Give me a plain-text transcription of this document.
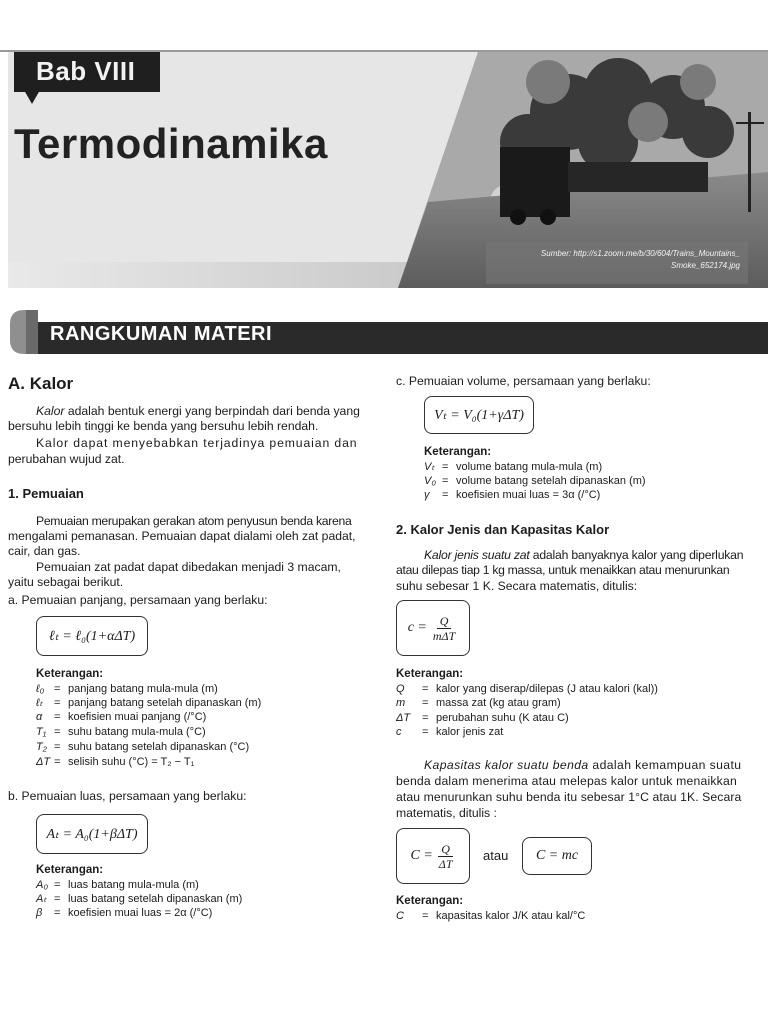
Bab VIII
Termodinamika
Sumber: http://s1.zoom.me/b/30/604/Trains_Mountains_
Smoke_652174.jpg
RANGKUMAN MATERI
A. Kalor
Kalor adalah bentuk energi yang berpindah dari benda yang
bersuhu lebih tinggi ke benda yang bersuhu lebih rendah.
Kalor dapat menyebabkan terjadinya pemuaian dan
perubahan wujud zat.
1. Pemuaian
Pemuaian merupakan gerakan atom penyusun benda karena
mengalami pemanasan. Pemuaian dapat dialami oleh zat padat,
cair, dan gas.
Pemuaian zat padat dapat dibedakan menjadi 3 macam,
yaitu sebagai berikut.
a. Pemuaian panjang, persamaan yang berlaku:
ℓₜ = ℓ₀(1+αΔT)
Keterangan:
ℓ₀ = panjang batang mula-mula (m)
ℓₜ = panjang batang setelah dipanaskan (m)
α = koefisien muai panjang (/°C)
T₁ = suhu batang mula-mula (°C)
T₂ = suhu batang setelah dipanaskan (°C)
ΔT = selisih suhu (°C) = T₂ − T₁
b. Pemuaian luas, persamaan yang berlaku:
Aₜ = A₀(1+βΔT)
Keterangan:
A₀ = luas batang mula-mula (m)
Aₜ = luas batang setelah dipanaskan (m)
β = koefisien muai luas = 2α (/°C)
c. Pemuaian volume, persamaan yang berlaku:
Vₜ = V₀(1+γΔT)
Keterangan:
Vₜ = volume batang mula-mula (m)
V₀ = volume batang setelah dipanaskan (m)
γ = koefisien muai luas = 3α (/°C)
2. Kalor Jenis dan Kapasitas Kalor
Kalor jenis suatu zat adalah banyaknya kalor yang diperlukan
atau dilepas tiap 1 kg massa, untuk menaikkan atau menurunkan
suhu sebesar 1 K. Secara matematis, ditulis:
$c = \frac{Q}{\text{mΔT}}$
Keterangan:
Q = kalor yang diserap/dilepas (J atau kalori (kal))
m = massa zat (kg atau gram)
ΔT = perubahan suhu (K atau C)
c = kalor jenis zat
Kapasitas kalor suatu benda adalah kemampuan suatu
benda dalam menerima atau melepas kalor untuk menaikkan
atau menurunkan suhu benda itu sebesar 1°C atau 1K. Secara
matematis, ditulis :
$C = \frac{Q}{\Delta T}$ atau	C = mc
Keterangan:
C = kapasitas kalor J/K atau kal/°C
